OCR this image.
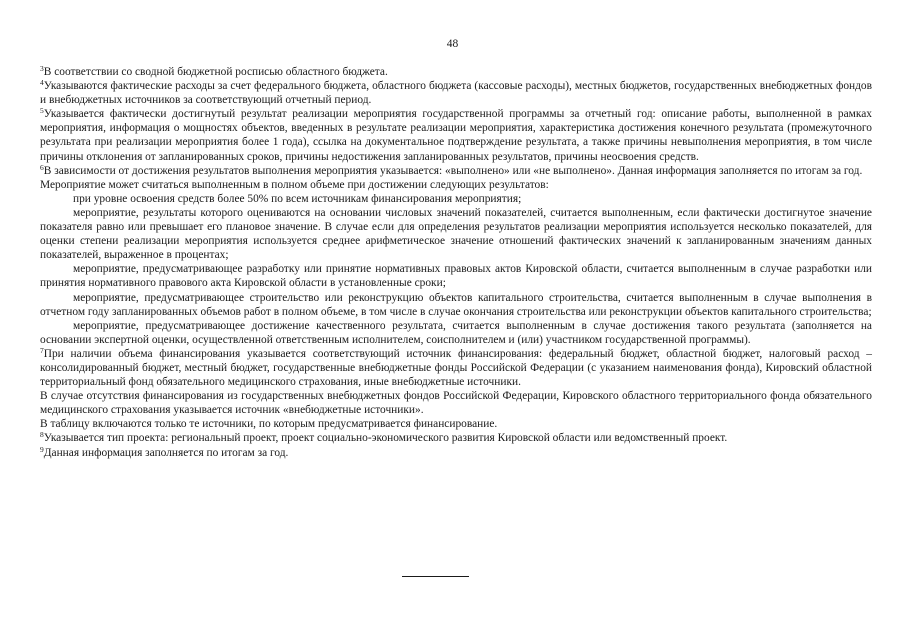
48

$^3$В соответствии со сводной бюджетной росписью областного бюджета.

$^4$Указываются фактические расходы за счет федерального бюджета, областного бюджета (кассовые расходы), местных бюджетов, государственных внебюджетных фондов и внебюджетных источников за соответствующий отчетный период.

$^5$Указывается фактически достигнутый результат реализации мероприятия государственной программы за отчетный год: описание работы, выполненной в рамках мероприятия, информация о мощностях объектов, введенных в результате реализации мероприятия, характеристика достижения конечного результата (промежуточного результата при реализации мероприятия более 1 года), ссылка на документальное подтверждение результата, а также причины невыполнения мероприятия, в том числе причины отклонения от запланированных сроков, причины недостижения запланированных результатов, причины неосвоения средств.

$^6$В зависимости от достижения результатов выполнения мероприятия указывается: «выполнено» или «не выполнено». Данная информация заполняется по итогам за год.

Мероприятие может считаться выполненным в полном объеме при достижении следующих результатов:

при уровне освоения средств более 50% по всем источникам финансирования мероприятия;

мероприятие, результаты которого оцениваются на основании числовых значений показателей, считается выполненным, если фактически достигнутое значение показателя равно или превышает его плановое значение. В случае если для определения результатов реализации мероприятия используется несколько показателей, для оценки степени реализации мероприятия используется среднее арифметическое значение отношений фактических значений к запланированным значениям данных показателей, выраженное в процентах;

мероприятие, предусматривающее разработку или принятие нормативных правовых актов Кировской области, считается выполненным в случае разработки или принятия нормативного правового акта Кировской области в установленные сроки;

мероприятие, предусматривающее строительство или реконструкцию объектов капитального строительства, считается выполненным в случае выполнения в отчетном году запланированных объемов работ в полном объеме, в том числе в случае окончания строительства или реконструкции объектов капитального строительства;

мероприятие, предусматривающее достижение качественного результата, считается выполненным в случае достижения такого результата (заполняется на основании экспертной оценки, осуществленной ответственным исполнителем, соисполнителем и (или) участником государственной программы).

$^7$При наличии объема финансирования указывается соответствующий источник финансирования: федеральный бюджет, областной бюджет, налоговый расход – консолидированный бюджет, местный бюджет, государственные внебюджетные фонды Российской Федерации (с указанием наименования фонда), Кировский областной территориальный фонд обязательного медицинского страхования, иные внебюджетные источники.

В случае отсутствия финансирования из государственных внебюджетных фондов Российской Федерации, Кировского областного территориального фонда обязательного медицинского страхования указывается источник «внебюджетные источники».

В таблицу включаются только те источники, по которым предусматривается финансирование.

$^8$Указывается тип проекта: региональный проект, проект социально-экономического развития Кировской области или ведомственный проект.

$^9$Данная информация заполняется по итогам за год.
